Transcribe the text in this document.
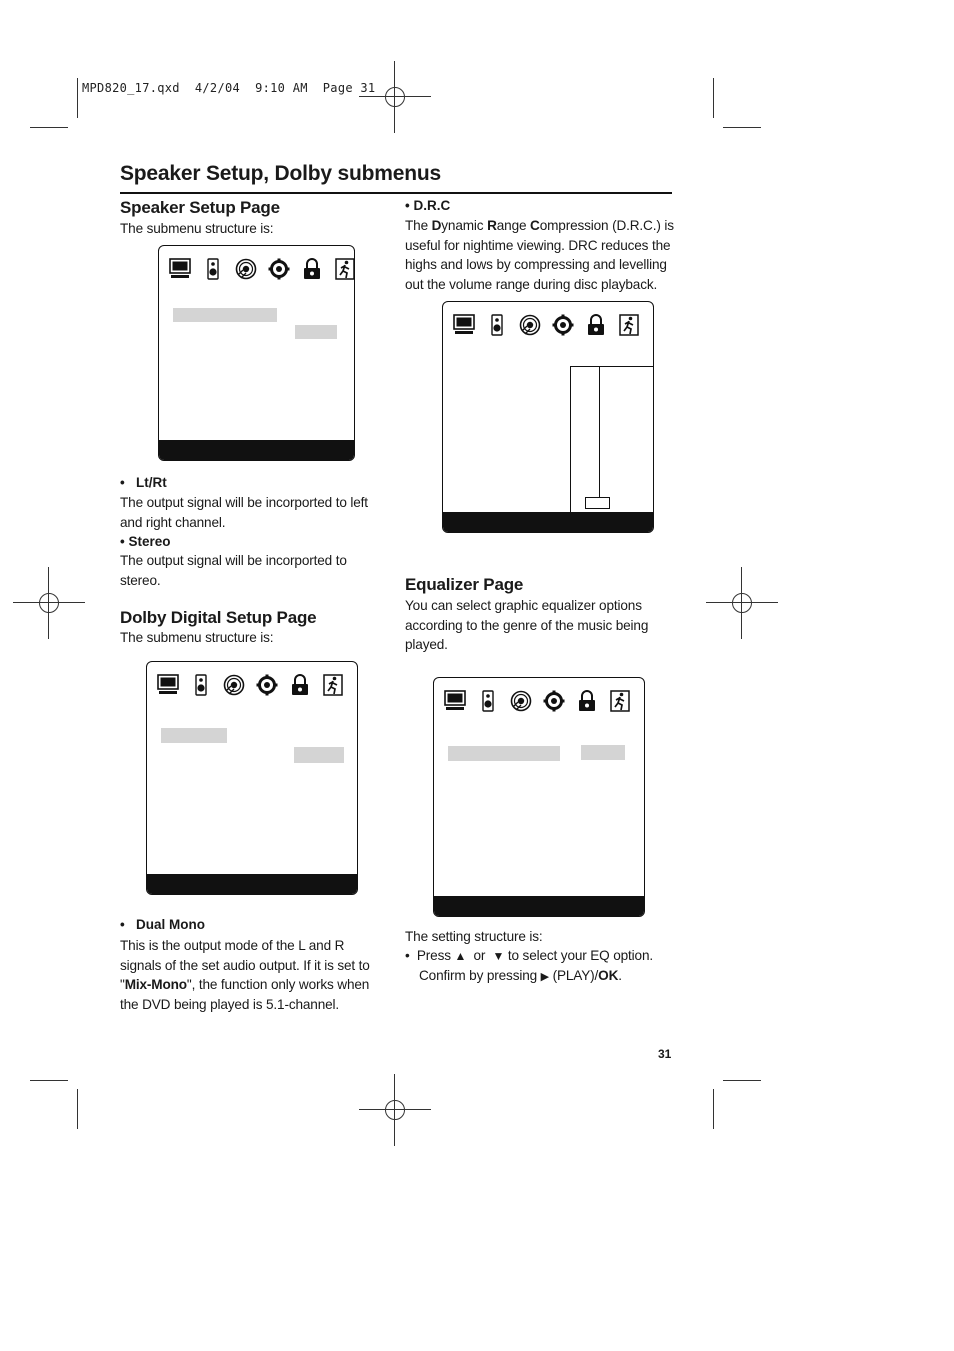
MPD820_17.qxd  4/2/04  9:10 AM  Page 31
Speaker Setup, Dolby submenus
Speaker Setup Page
The submenu structure is:
•   Lt/Rt
The output signal will be incorported to left and right channel.
• Stereo
The output signal will be incorported to stereo.
Dolby Digital Setup Page
The submenu structure is:
•   Dual Mono
This is the output mode of the L and R signals of the set audio output. If it is set to "Mix-Mono", the function only works when the DVD being played is 5.1-channel.
• D.R.C
The Dynamic Range Compression (D.R.C.) is useful for nightime viewing. DRC reduces the highs and lows by compressing and levelling out the volume range during disc playback.
Equalizer Page
You can select graphic equalizer options according to the genre of the music being played.
The setting structure is:
•  Press ▲  or  ▼ to select your EQ option.
Confirm by pressing ▶ (PLAY)/OK.
31
